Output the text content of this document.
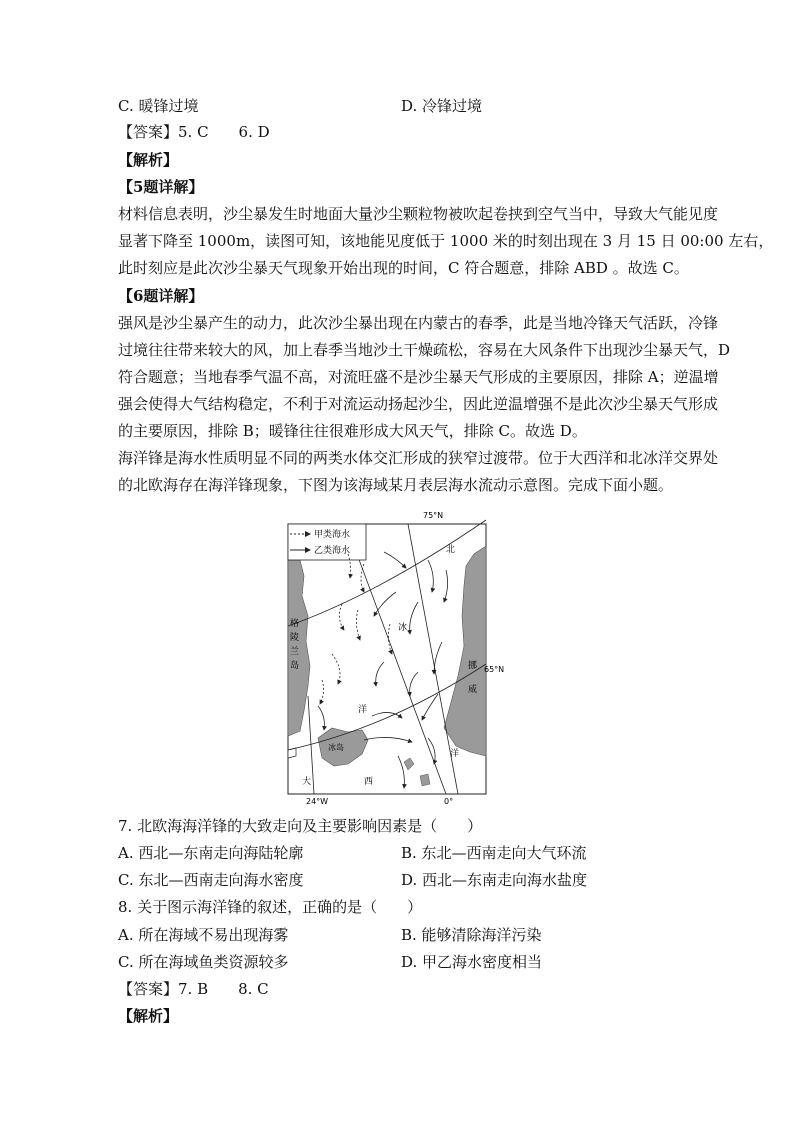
C. 暖锋过境	D. 冷锋过境
【答案】5. C　　6. D
【解析】
【5题详解】
材料信息表明，沙尘暴发生时地面大量沙尘颗粒物被吹起卷挟到空气当中，导致大气能见度
显著下降至 1000m，读图可知，该地能见度低于 1000 米的时刻出现在 3 月 15 日 00:00 左右，
此时刻应是此次沙尘暴天气现象开始出现的时间，C 符合题意，排除 ABD 。故选 C。
【6题详解】
强风是沙尘暴产生的动力，此次沙尘暴出现在内蒙古的春季，此是当地冷锋天气活跃，冷锋
过境往往带来较大的风，加上春季当地沙土干燥疏松，容易在大风条件下出现沙尘暴天气，D
符合题意；当地春季气温不高，对流旺盛不是沙尘暴天气形成的主要原因，排除 A；逆温增
强会使得大气结构稳定，不利于对流运动扬起沙尘，因此逆温增强不是此次沙尘暴天气形成
的主要原因，排除 B；暖锋往往很难形成大风天气，排除 C。故选 D。
海洋锋是海水性质明显不同的两类水体交汇形成的狭窄过渡带。位于大西洋和北冰洋交界处
的北欧海存在海洋锋现象，下图为该海域某月表层海水流动示意图。完成下面小题。
甲类海水
乙类海水
75°N
65°N
24°W	0°
格
陵
兰
岛	挪
威
北
冰
洋
洋
冰岛
大	西
7. 北欧海海洋锋的大致走向及主要影响因素是（　　）
A. 西北—东南走向海陆轮廓	B. 东北—西南走向大气环流
C. 东北—西南走向海水密度	D. 西北—东南走向海水盐度
8. 关于图示海洋锋的叙述，正确的是（　　）
A. 所在海域不易出现海雾	B. 能够清除海洋污染
C. 所在海域鱼类资源较多	D. 甲乙海水密度相当
【答案】7. B　　8. C
【解析】
